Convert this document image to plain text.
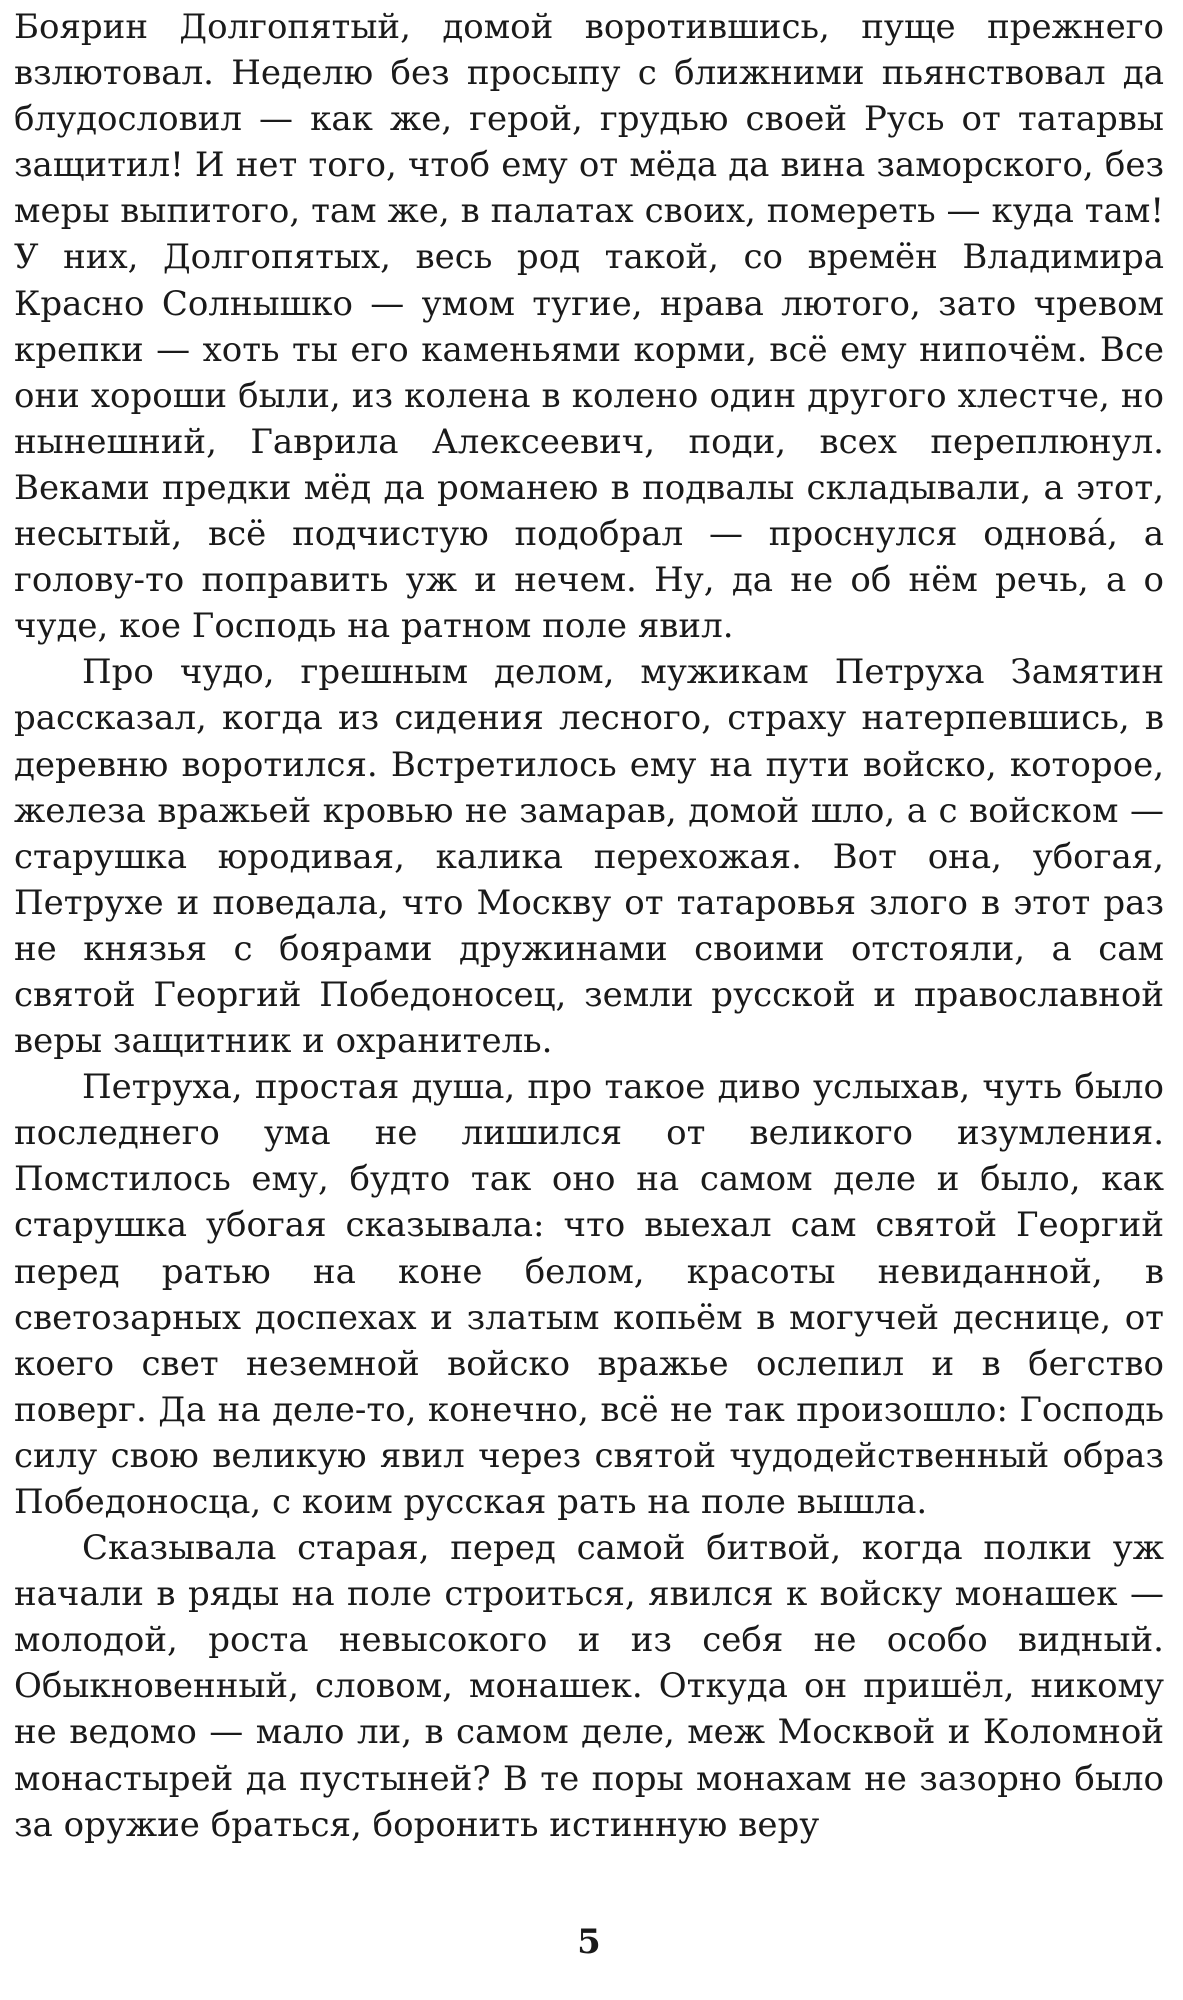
Боярин Долгопятый, домой воротившись, пуще прежнего взлютовал. Неделю без просыпу с ближними пьянствовал да блудословил — как же, герой, грудью своей Русь от татарвы защитил! И нет того, чтоб ему от мёда да вина заморского, без меры выпитого, там же, в палатах своих, помереть — куда там! У них, Долгопятых, весь род такой, со времён Владимира Красно Солнышко — умом тугие, нрава лютого, зато чревом крепки — хоть ты его каменьями корми, всё ему нипочём. Все они хороши были, из колена в колено один другого хлестче, но нынешний, Гаврила Алексеевич, поди, всех переплюнул. Веками предки мёд да романею в подвалы складывали, а этот, несытый, всё подчистую подобрал — проснулся однова́, а голову-то поправить уж и нечем. Ну, да не об нём речь, а о чуде, кое Господь на ратном поле явил.

Про чудо, грешным делом, мужикам Петруха Замятин рассказал, когда из сидения лесного, страху натерпевшись, в деревню воротился. Встретилось ему на пути войско, которое, железа вражьей кровью не замарав, домой шло, а с войском — старушка юродивая, калика перехожая. Вот она, убогая, Петрухе и поведала, что Москву от татаровья злого в этот раз не князья с боярами дружинами своими отстояли, а сам святой Георгий Победоносец, земли русской и православной веры защитник и охранитель.

Петруха, простая душа, про такое диво услыхав, чуть было последнего ума не лишился от великого изумления. Помстилось ему, будто так оно на самом деле и было, как старушка убогая сказывала: что выехал сам святой Георгий перед ратью на коне белом, красоты невиданной, в светозарных доспехах и златым копьём в могучей деснице, от коего свет неземной войско вражье ослепил и в бегство поверг. Да на деле-то, конечно, всё не так произошло: Господь силу свою великую явил через святой чудодейственный образ Победоносца, с коим русская рать на поле вышла.

Сказывала старая, перед самой битвой, когда полки уж начали в ряды на поле строиться, явился к войску монашек — молодой, роста невысокого и из себя не особо видный. Обыкновенный, словом, монашек. Откуда он пришёл, никому не ведомо — мало ли, в самом деле, меж Москвой и Коломной монастырей да пустыней? В те поры монахам не зазорно было за оружие браться, боронить истинную веру

5
